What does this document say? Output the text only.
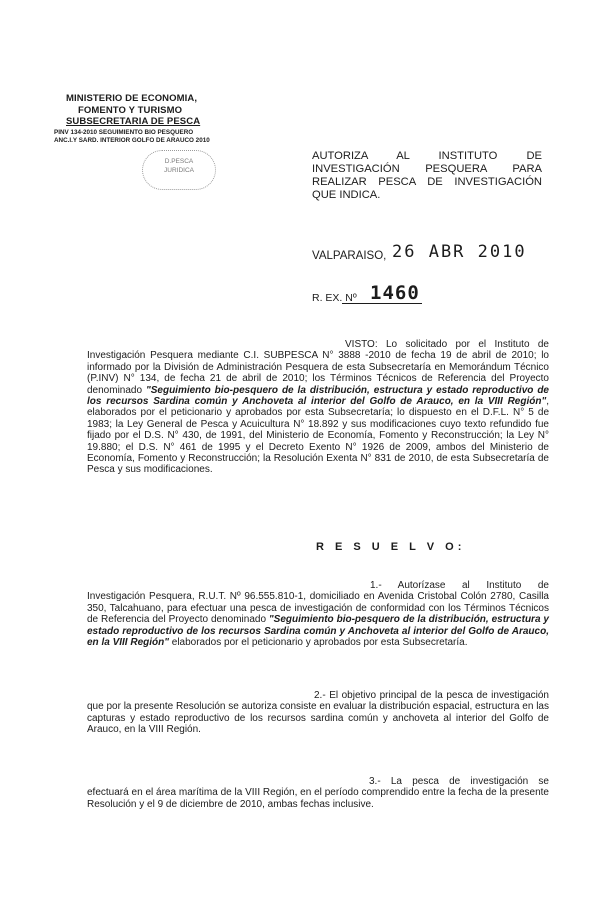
MINISTERIO DE ECONOMIA,
FOMENTO Y TURISMO
SUBSECRETARIA DE PESCA
PINV 134-2010 SEGUIMIENTO BIO PESQUERO
ANC.I.Y SARD. INTERIOR GOLFO DE ARAUCO 2010
D.PESCA
JURIDICA
AUTORIZA AL INSTITUTO DE INVESTIGACIÓN PESQUERA PARA REALIZAR PESCA DE INVESTIGACIÓN QUE INDICA.
VALPARAISO, 26 ABR 2010
R. EX. Nº 1460
VISTO: Lo solicitado por el Instituto de Investigación Pesquera mediante C.I. SUBPESCA N° 3888 -2010 de fecha 19 de abril de 2010; lo informado por la División de Administración Pesquera de esta Subsecretaría en Memorándum Técnico (P.INV) N° 134, de fecha 21 de abril de 2010; los Términos Técnicos de Referencia del Proyecto denominado "Seguimiento bio-pesquero de la distribución, estructura y estado reproductivo de los recursos Sardina común y Anchoveta al interior del Golfo de Arauco, en la VIII Región", elaborados por el peticionario y aprobados por esta Subsecretaría; lo dispuesto en el D.F.L. N° 5 de 1983; la Ley General de Pesca y Acuicultura N° 18.892 y sus modificaciones cuyo texto refundido fue fijado por el D.S. N° 430, de 1991, del Ministerio de Economía, Fomento y Reconstrucción; la Ley N° 19.880; el D.S. N° 461 de 1995 y el Decreto Exento N° 1926 de 2009, ambos del Ministerio de Economía, Fomento y Reconstrucción; la Resolución Exenta N° 831 de 2010, de esta Subsecretaría de Pesca y sus modificaciones.
R E S U E L V O:
1.- Autorízase al Instituto de Investigación Pesquera, R.U.T. Nº 96.555.810-1, domiciliado en Avenida Cristobal Colón 2780, Casilla 350, Talcahuano, para efectuar una pesca de investigación de conformidad con los Términos Técnicos de Referencia del Proyecto denominado "Seguimiento bio-pesquero de la distribución, estructura y estado reproductivo de los recursos Sardina común y Anchoveta al interior del Golfo de Arauco, en la VIII Región" elaborados por el peticionario y aprobados por esta Subsecretaría.
2.- El objetivo principal de la pesca de investigación que por la presente Resolución se autoriza consiste en evaluar la distribución espacial, estructura en las capturas y estado reproductivo de los recursos sardina común y anchoveta al interior del Golfo de Arauco, en la VIII Región.
3.- La pesca de investigación se efectuará en el área marítima de la VIII Región, en el período comprendido entre la fecha de la presente Resolución y el 9 de diciembre de 2010, ambas fechas inclusive.
